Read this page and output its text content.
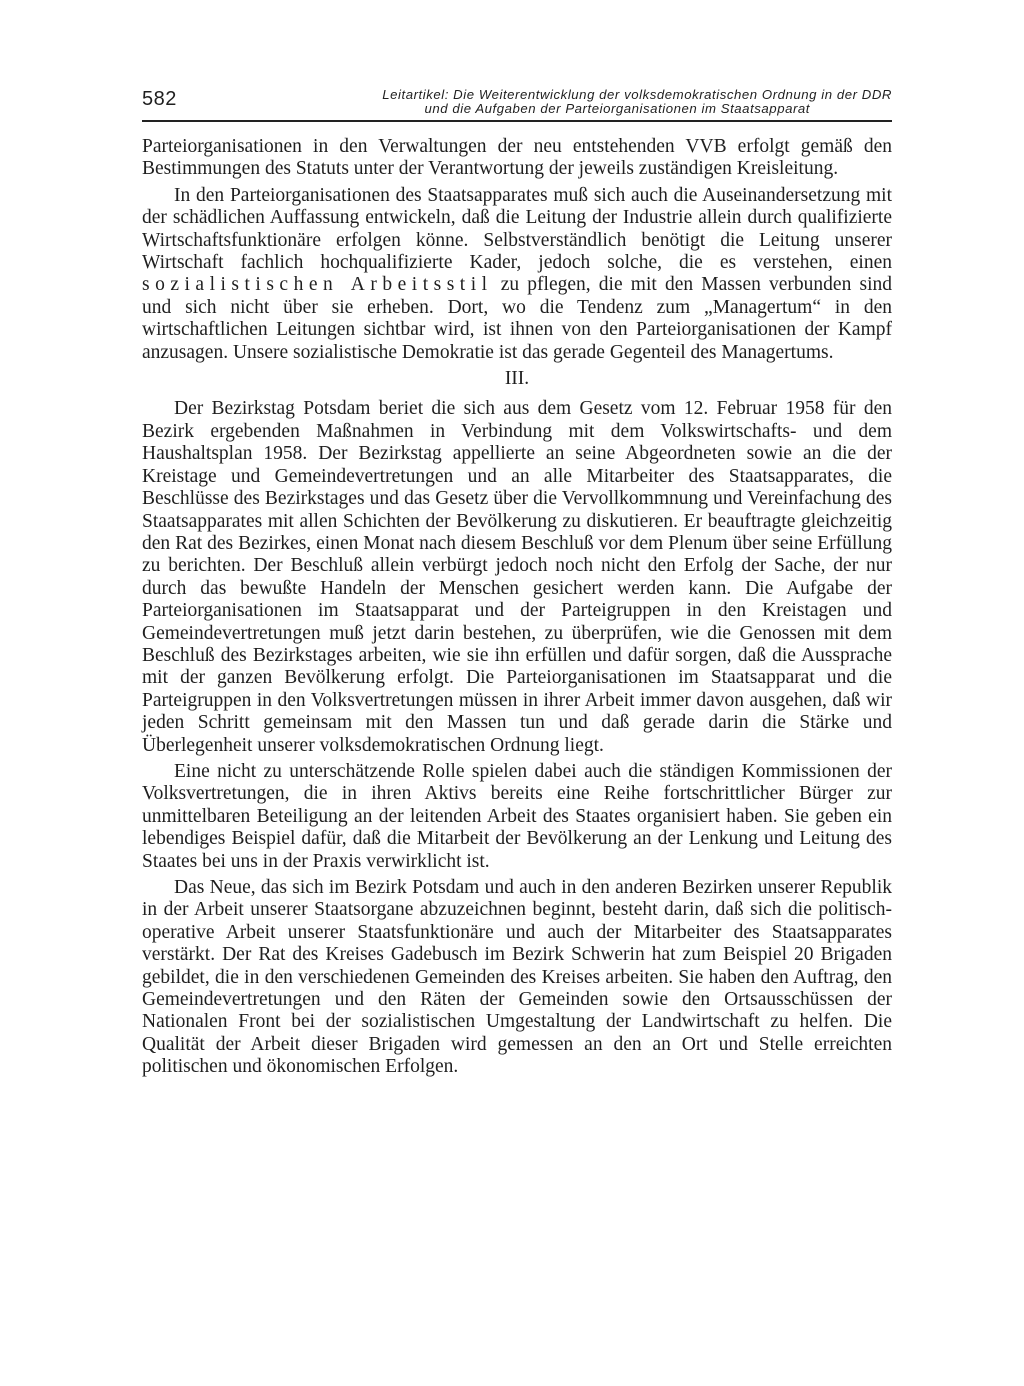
582	Leitartikel: Die Weiterentwicklung der volksdemokratischen Ordnung in der DDR
und die Aufgaben der Parteiorganisationen im Staatsapparat

Parteiorganisationen in den Verwaltungen der neu entstehenden VVB erfolgt gemäß den Bestimmungen des Statuts unter der Verantwortung der jeweils zuständigen Kreisleitung.

In den Parteiorganisationen des Staatsapparates muß sich auch die Auseinandersetzung mit der schädlichen Auffassung entwickeln, daß die Leitung der Industrie allein durch qualifizierte Wirtschaftsfunktionäre erfolgen könne. Selbstverständlich benötigt die Leitung unserer Wirtschaft fachlich hochqualifizierte Kader, jedoch solche, die es verstehen, einen sozialistischen Arbeitsstil zu pflegen, die mit den Massen verbunden sind und sich nicht über sie erheben. Dort, wo die Tendenz zum „Managertum“ in den wirtschaftlichen Leitungen sichtbar wird, ist ihnen von den Parteiorganisationen der Kampf anzusagen. Unsere sozialistische Demokratie ist das gerade Gegenteil des Managertums.

III.

Der Bezirkstag Potsdam beriet die sich aus dem Gesetz vom 12. Februar 1958 für den Bezirk ergebenden Maßnahmen in Verbindung mit dem Volkswirtschafts- und dem Haushaltsplan 1958. Der Bezirkstag appellierte an seine Abgeordneten sowie an die der Kreistage und Gemeindevertretungen und an alle Mitarbeiter des Staatsapparates, die Beschlüsse des Bezirkstages und das Gesetz über die Vervollkommnung und Vereinfachung des Staatsapparates mit allen Schichten der Bevölkerung zu diskutieren. Er beauftragte gleichzeitig den Rat des Bezirkes, einen Monat nach diesem Beschluß vor dem Plenum über seine Erfüllung zu berichten. Der Beschluß allein verbürgt jedoch noch nicht den Erfolg der Sache, der nur durch das bewußte Handeln der Menschen gesichert werden kann. Die Aufgabe der Parteiorganisationen im Staatsapparat und der Parteigruppen in den Kreistagen und Gemeindevertretungen muß jetzt darin bestehen, zu überprüfen, wie die Genossen mit dem Beschluß des Bezirkstages arbeiten, wie sie ihn erfüllen und dafür sorgen, daß die Aussprache mit der ganzen Bevölkerung erfolgt. Die Parteiorganisationen im Staatsapparat und die Parteigruppen in den Volksvertretungen müssen in ihrer Arbeit immer davon ausgehen, daß wir jeden Schritt gemeinsam mit den Massen tun und daß gerade darin die Stärke und Überlegenheit unserer volksdemokratischen Ordnung liegt.

Eine nicht zu unterschätzende Rolle spielen dabei auch die ständigen Kommissionen der Volksvertretungen, die in ihren Aktivs bereits eine Reihe fortschrittlicher Bürger zur unmittelbaren Beteiligung an der leitenden Arbeit des Staates organisiert haben. Sie geben ein lebendiges Beispiel dafür, daß die Mitarbeit der Bevölkerung an der Lenkung und Leitung des Staates bei uns in der Praxis verwirklicht ist.

Das Neue, das sich im Bezirk Potsdam und auch in den anderen Bezirken unserer Republik in der Arbeit unserer Staatsorgane abzuzeichnen beginnt, besteht darin, daß sich die politisch-operative Arbeit unserer Staatsfunktionäre und auch der Mitarbeiter des Staatsapparates verstärkt. Der Rat des Kreises Gadebusch im Bezirk Schwerin hat zum Beispiel 20 Brigaden gebildet, die in den verschiedenen Gemeinden des Kreises arbeiten. Sie haben den Auftrag, den Gemeindevertretungen und den Räten der Gemeinden sowie den Ortsausschüssen der Nationalen Front bei der sozialistischen Umgestaltung der Landwirtschaft zu helfen. Die Qualität der Arbeit dieser Brigaden wird gemessen an den an Ort und Stelle erreichten politischen und ökonomischen Erfolgen.
